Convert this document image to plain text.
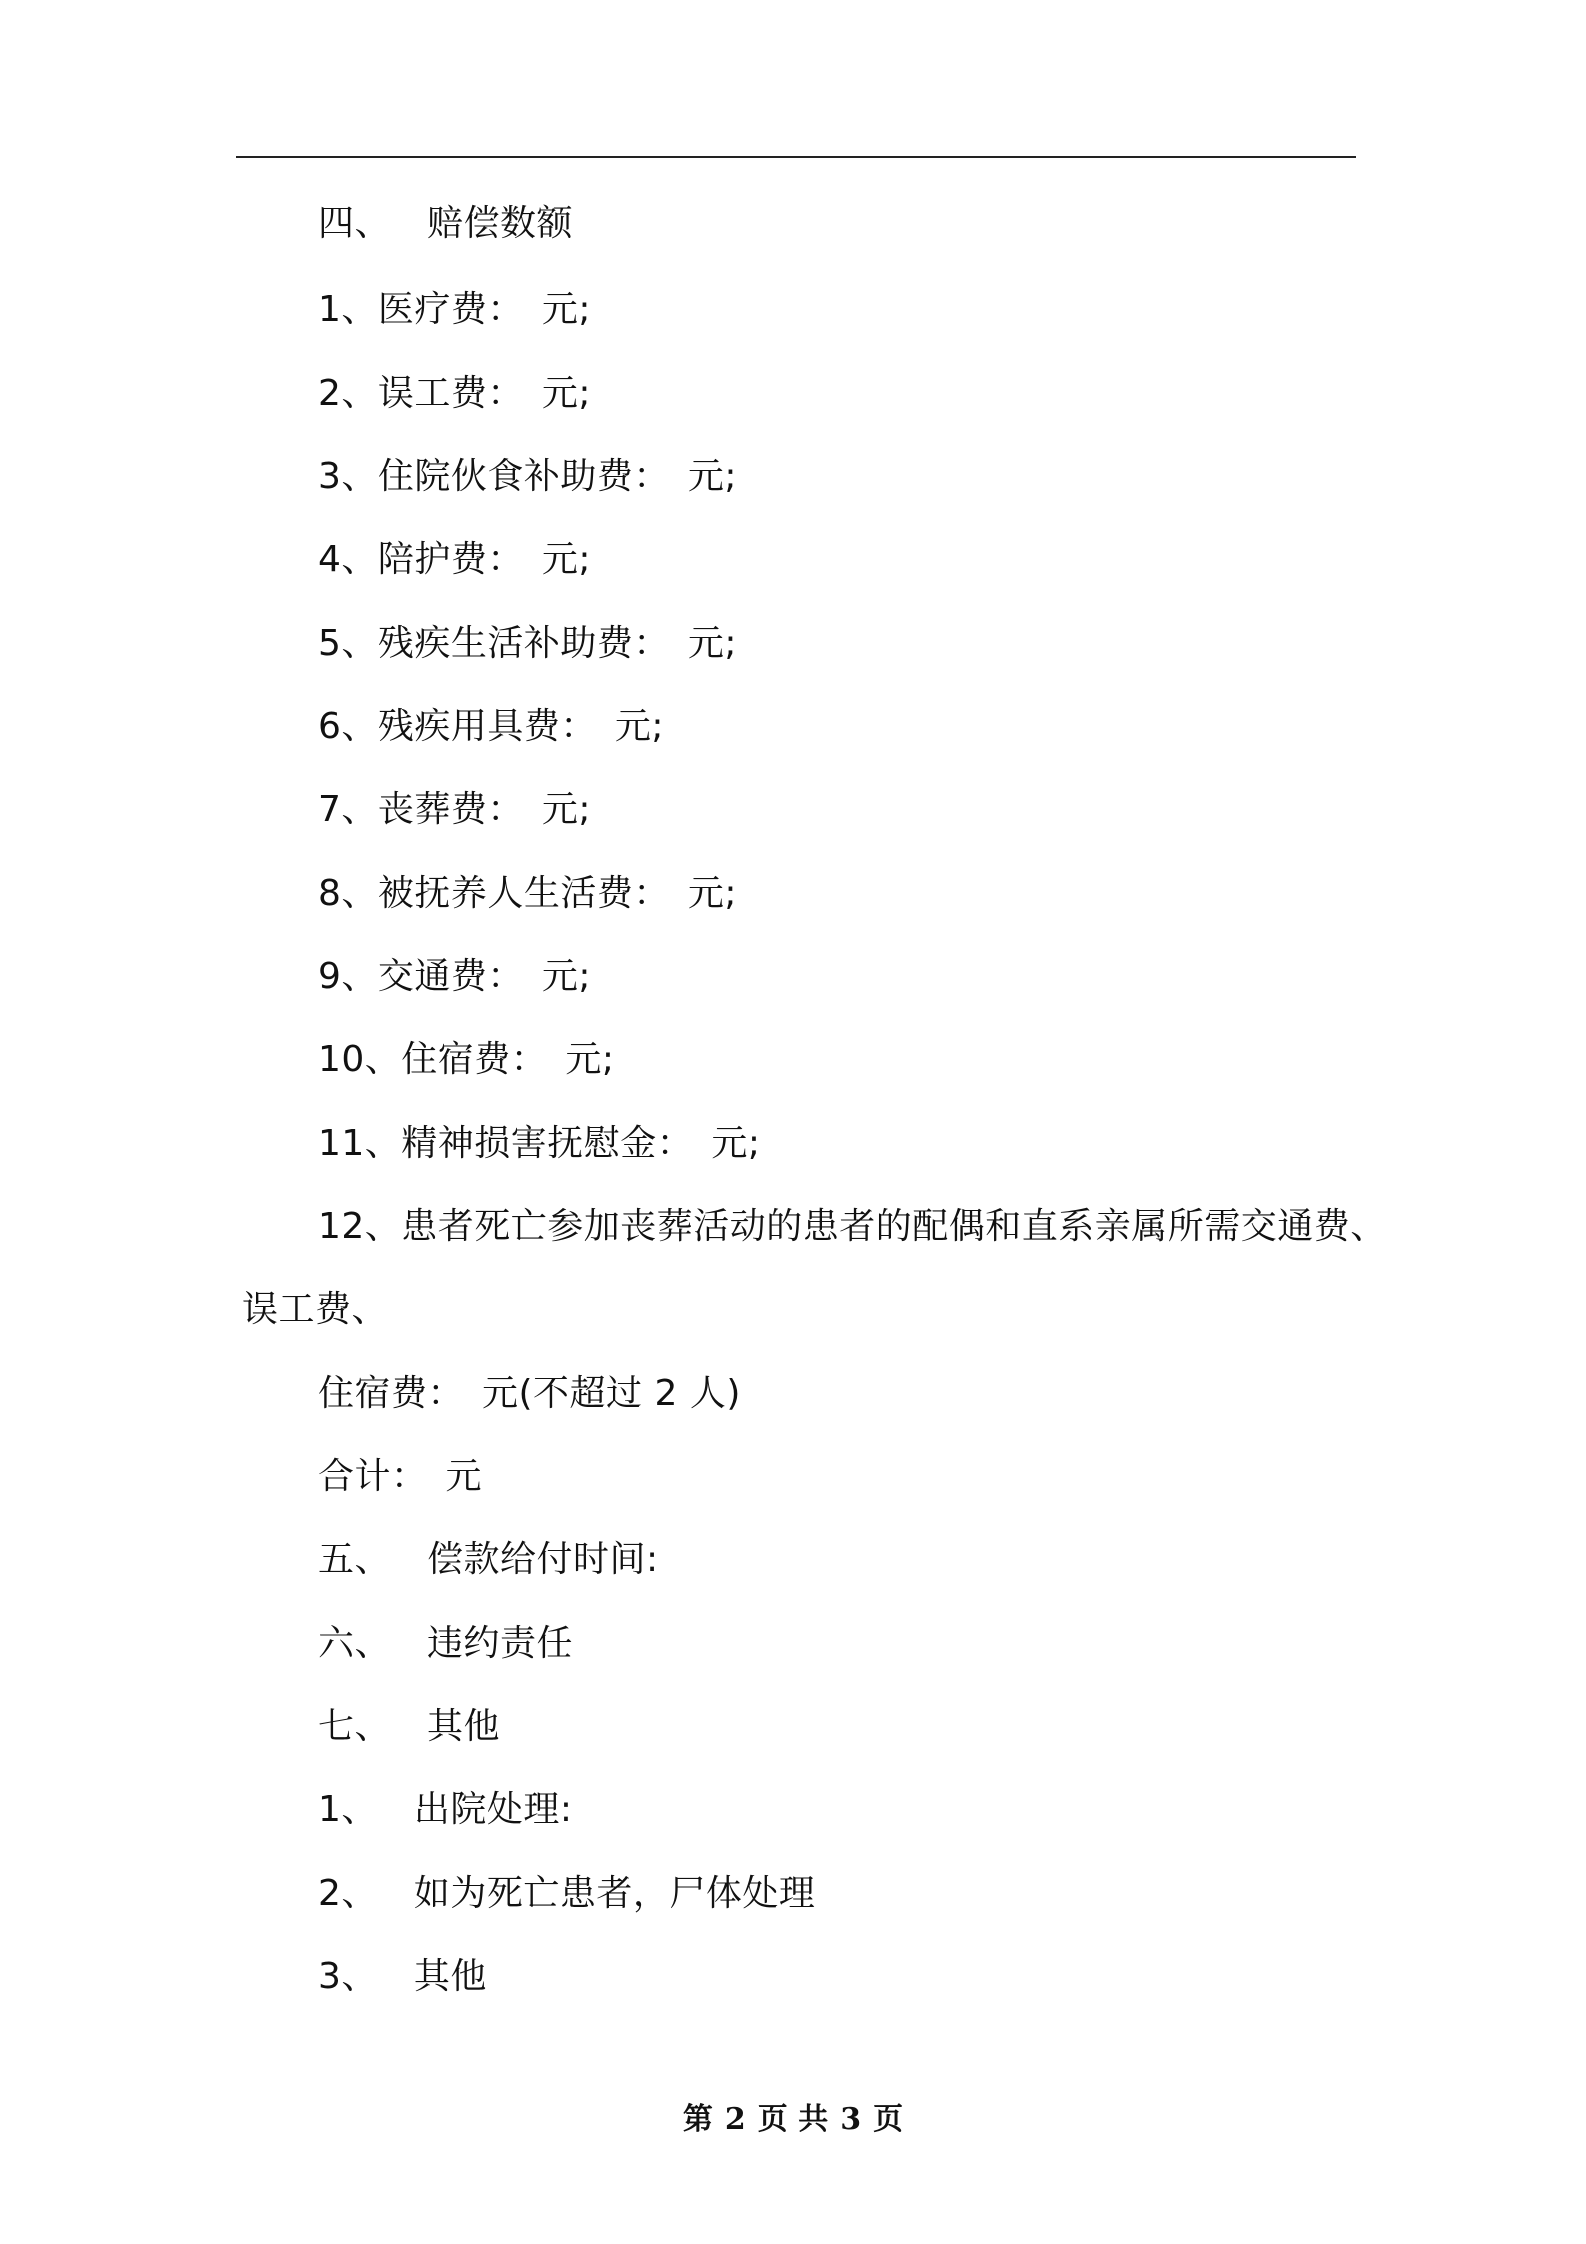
四、 赔偿数额
1、医疗费： 元;
2、误工费： 元;
3、住院伙食补助费： 元;
4、陪护费： 元;
5、残疾生活补助费： 元;
6、残疾用具费： 元;
7、丧葬费： 元;
8、被抚养人生活费： 元;
9、交通费： 元;
10、住宿费： 元;
11、精神损害抚慰金： 元;
12、患者死亡参加丧葬活动的患者的配偶和直系亲属所需交通费、
误工费、
住宿费： 元(不超过 2 人)
合计： 元
五、 偿款给付时间:
六、 违约责任
七、 其他
1、 出院处理:
2、 如为死亡患者，尸体处理
3、 其他
第 2 页 共 3 页
